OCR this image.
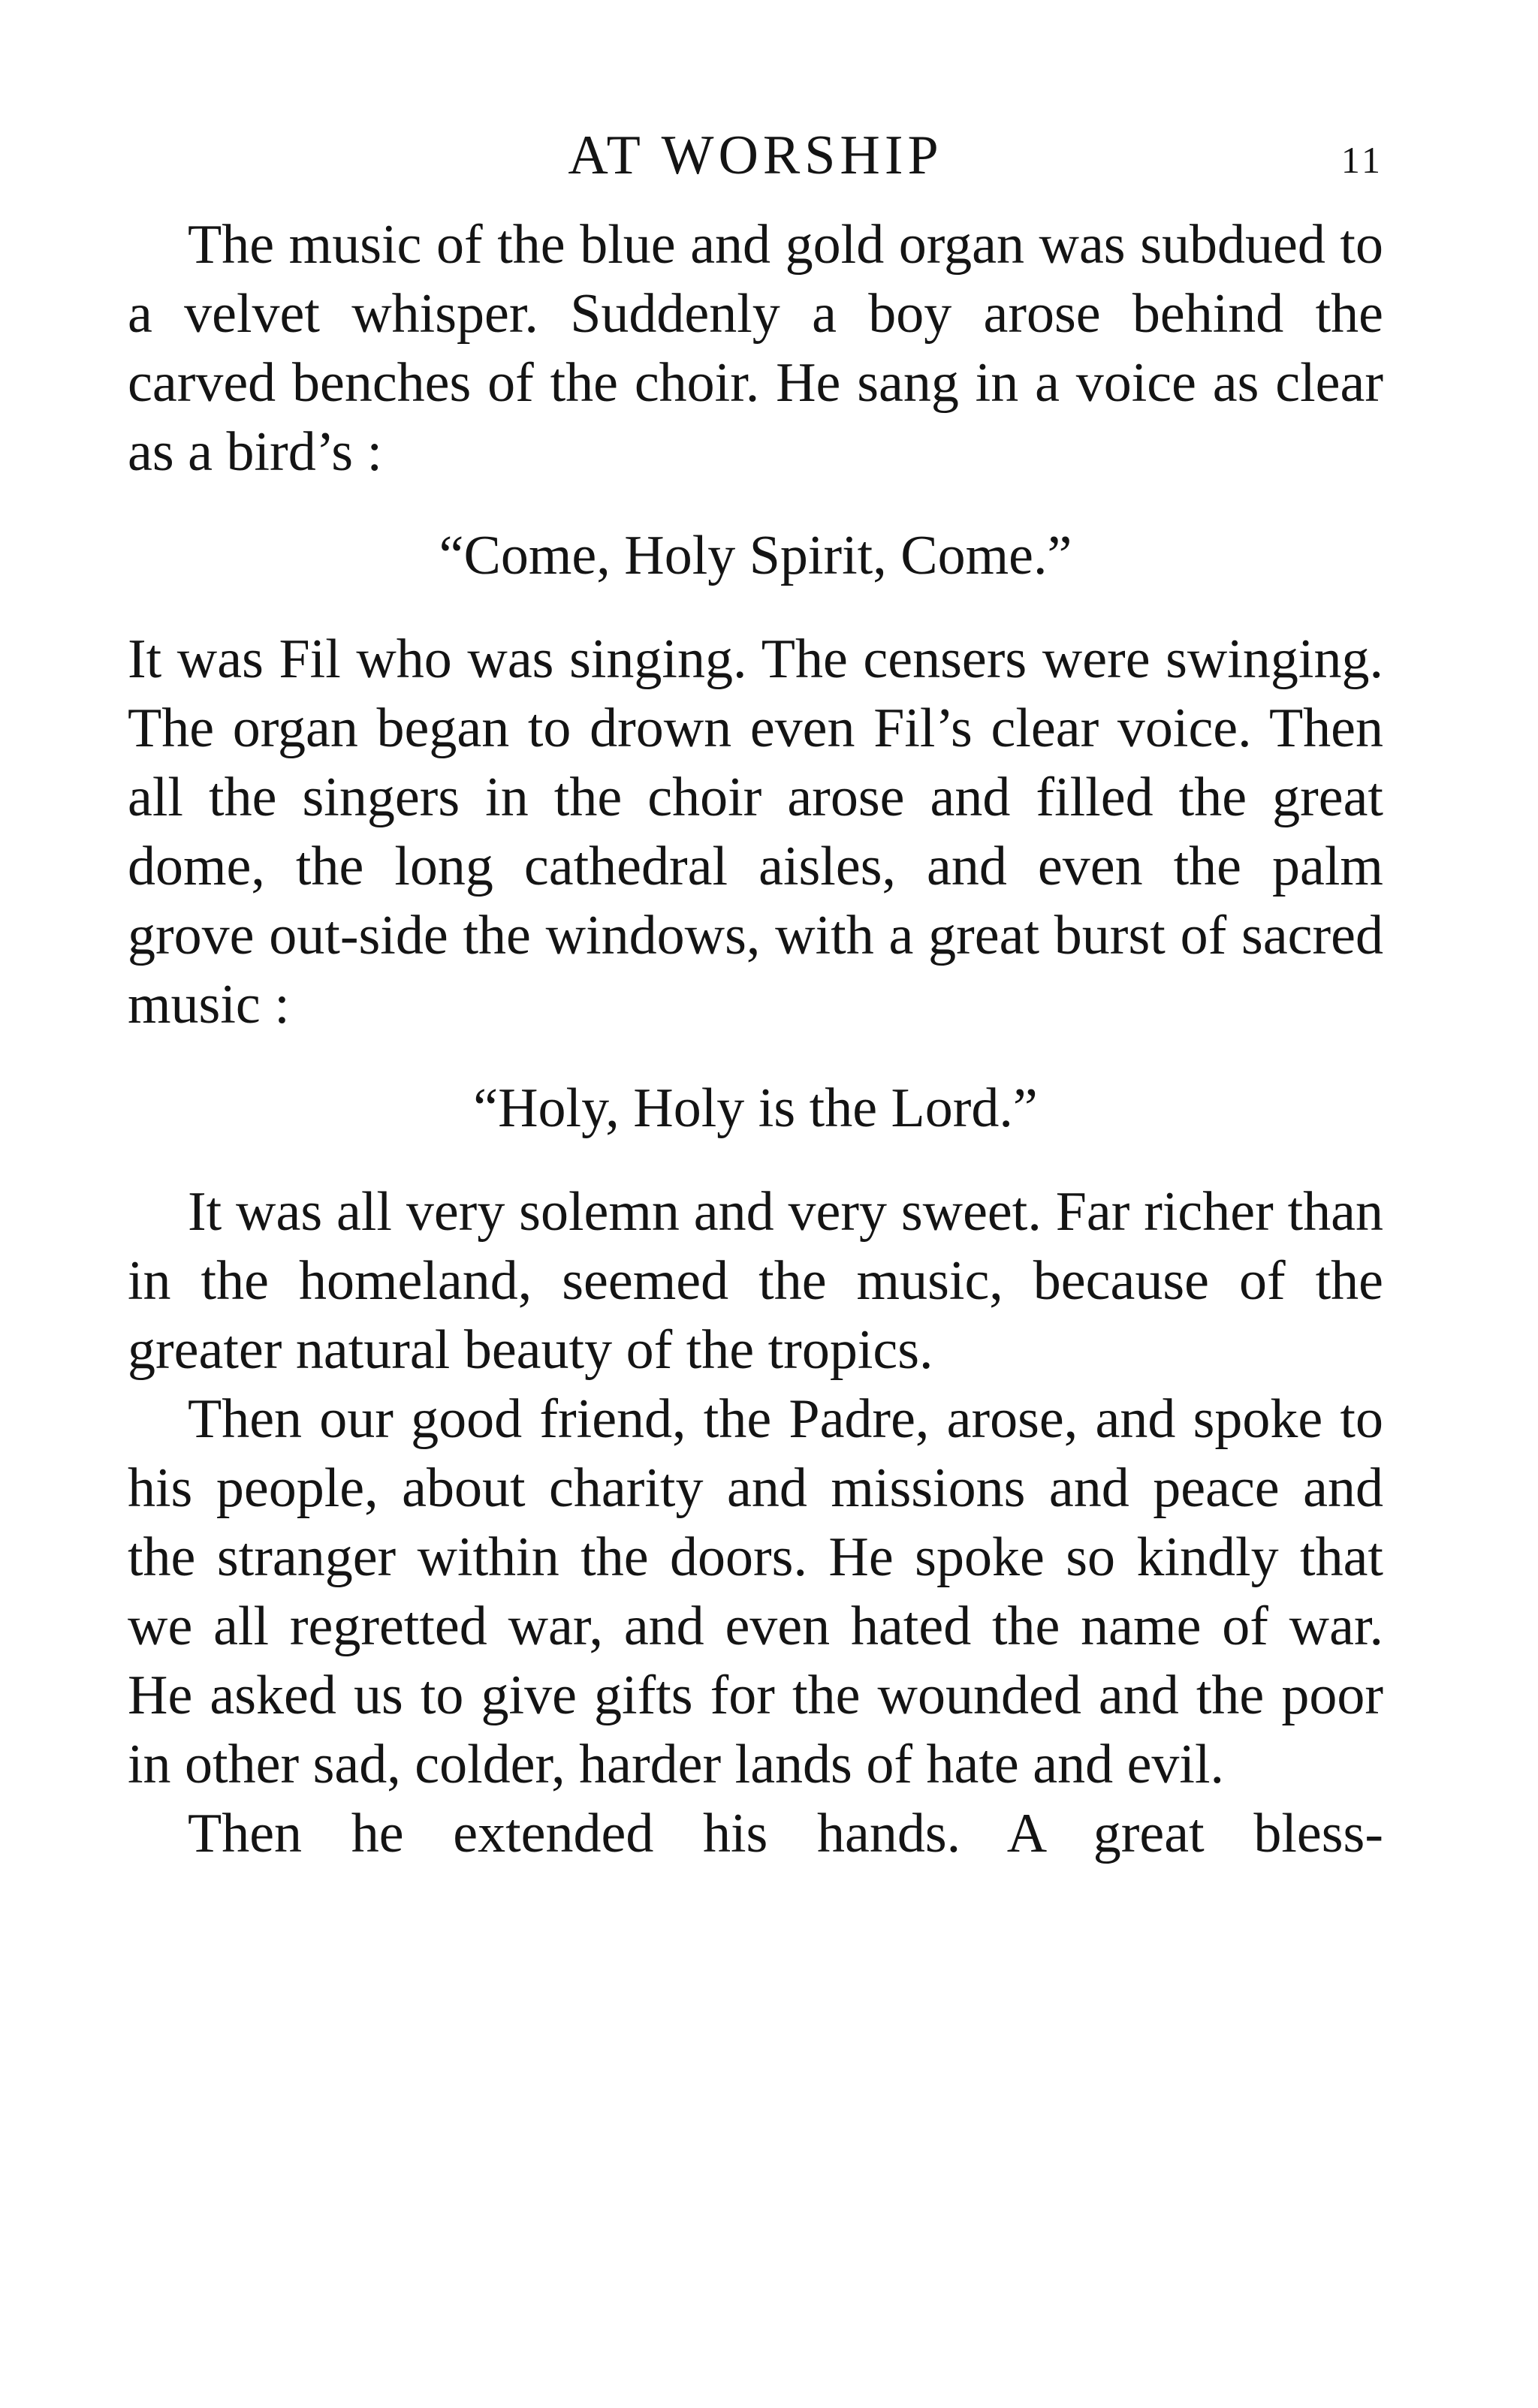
AT WORSHIP	11

The music of the blue and gold organ was subdued to a velvet whisper. Suddenly a boy arose behind the carved benches of the choir. He sang in a voice as clear as a bird’s :

“Come, Holy Spirit, Come.”

It was Fil who was singing. The censers were swinging. The organ began to drown even Fil’s clear voice. Then all the singers in the choir arose and filled the great dome, the long cathedral aisles, and even the palm grove out-side the windows, with a great burst of sacred music :

“Holy, Holy is the Lord.”

It was all very solemn and very sweet. Far richer than in the homeland, seemed the music, because of the greater natural beauty of the tropics.

Then our good friend, the Padre, arose, and spoke to his people, about charity and missions and peace and the stranger within the doors. He spoke so kindly that we all regretted war, and even hated the name of war. He asked us to give gifts for the wounded and the poor in other sad, colder, harder lands of hate and evil.

Then he extended his hands. A great bless-
